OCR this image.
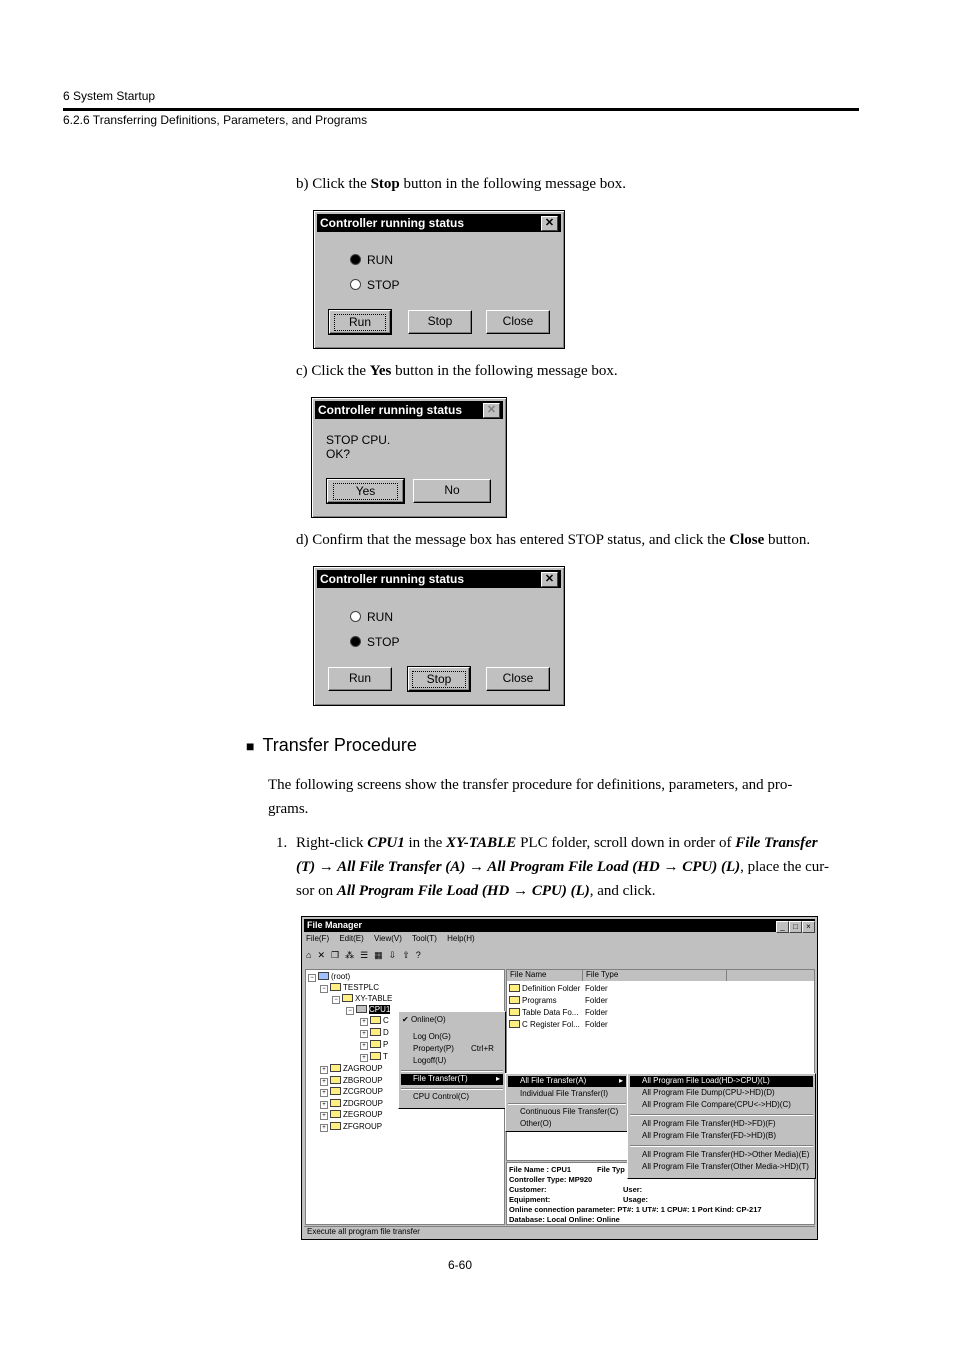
6 System Startup
6.2.6 Transferring Definitions, Parameters, and Programs
b) Click the Stop button in the following message box.
Controller running status	✕
RUN
STOP
Run	Stop	Close
c) Click the Yes button in the following message box.
Controller running status	✕
STOP CPU.
OK?
Yes	No
d) Confirm that the message box has entered STOP status, and click the Close button.
Controller running status	✕
RUN
STOP
Run	Stop	Close
■ Transfer Procedure
The following screens show the transfer procedure for definitions, parameters, and pro-
grams.
1. Right-click CPU1 in the XY-TABLE PLC folder, scroll down in order of File Transfer
(T) → All File Transfer (A) → All Program File Load (HD → CPU) (L), place the cur-
sor on All Program File Load (HD → CPU) (L), and click.
File Manager	_	□	×
File(F) Edit(E) View(V) Tool(T) Help(H)
⌂✕❐⁂☰▦⇩⇧?
− (root)
− TESTPLC
− XY-TABLE
− CPU1
+ C
+ D
+ P
+ T
+ ZAGROUP
+ ZBGROUP
+ ZCGROUP
+ ZDGROUP
+ ZEGROUP
+ ZFGROUP
File Name	File Type
Definition Folder Folder
Programs	Folder
Table Data Fo... Folder
C Register Fol... Folder
File Name : CPU1	File Typ
Controller Type: MP920
Customer:	User:
Equipment:	Usage:
Online connection parameter: PT#: 1 UT#: 1 CPU#: 1 Port Kind: CP-217
Database: Local Online: Online
✔ Online(O)
Log On(G)
Property(P) Ctrl+R
Logoff(U)
File Transfer(T)	▸
CPU Control(C)
All File Transfer(A)	▸
Individual File Transfer(I)
Continuous File Transfer(C)
Other(O)
All Program File Load(HD->CPU)(L)
All Program File Dump(CPU->HD)(D)
All Program File Compare(CPU<->HD)(C)
All Program File Transfer(HD->FD)(F)
All Program File Transfer(FD->HD)(B)
All Program File Transfer(HD->Other Media)(E)
All Program File Transfer(Other Media->HD)(T)
Execute all program file transfer
6-60
